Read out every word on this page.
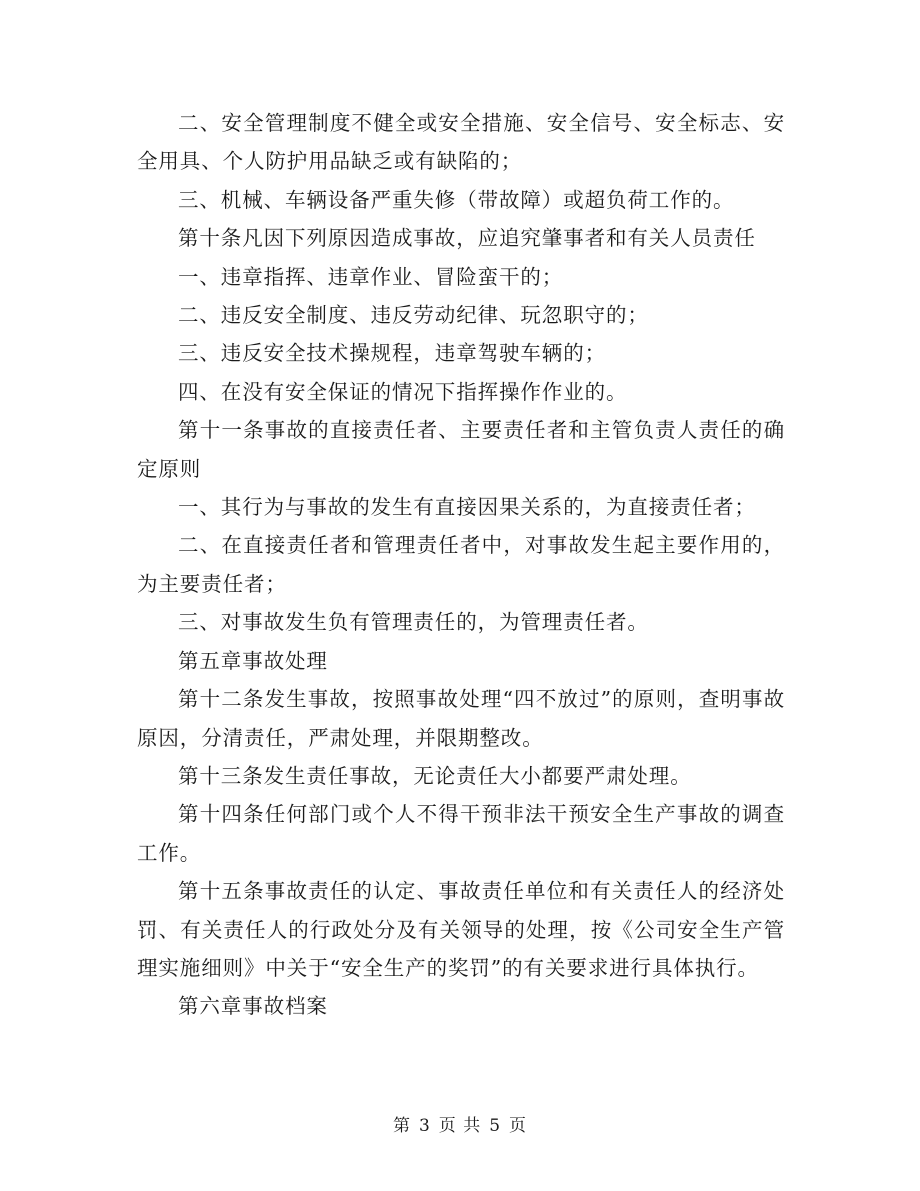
二、安全管理制度不健全或安全措施、安全信号、安全标志、安全用具、个人防护用品缺乏或有缺陷的；

三、机械、车辆设备严重失修（带故障）或超负荷工作的。

第十条凡因下列原因造成事故，应追究肇事者和有关人员责任

一、违章指挥、违章作业、冒险蛮干的；

二、违反安全制度、违反劳动纪律、玩忽职守的；

三、违反安全技术操规程，违章驾驶车辆的；

四、在没有安全保证的情况下指挥操作作业的。

第十一条事故的直接责任者、主要责任者和主管负责人责任的确定原则

一、其行为与事故的发生有直接因果关系的，为直接责任者；

二、在直接责任者和管理责任者中，对事故发生起主要作用的，为主要责任者；

三、对事故发生负有管理责任的，为管理责任者。

第五章事故处理

第十二条发生事故，按照事故处理“四不放过”的原则，查明事故原因，分清责任，严肃处理，并限期整改。

第十三条发生责任事故，无论责任大小都要严肃处理。

第十四条任何部门或个人不得干预非法干预安全生产事故的调查工作。

第十五条事故责任的认定、事故责任单位和有关责任人的经济处罚、有关责任人的行政处分及有关领导的处理，按《公司安全生产管理实施细则》中关于“安全生产的奖罚”的有关要求进行具体执行。

第六章事故档案

第 3 页 共 5 页
